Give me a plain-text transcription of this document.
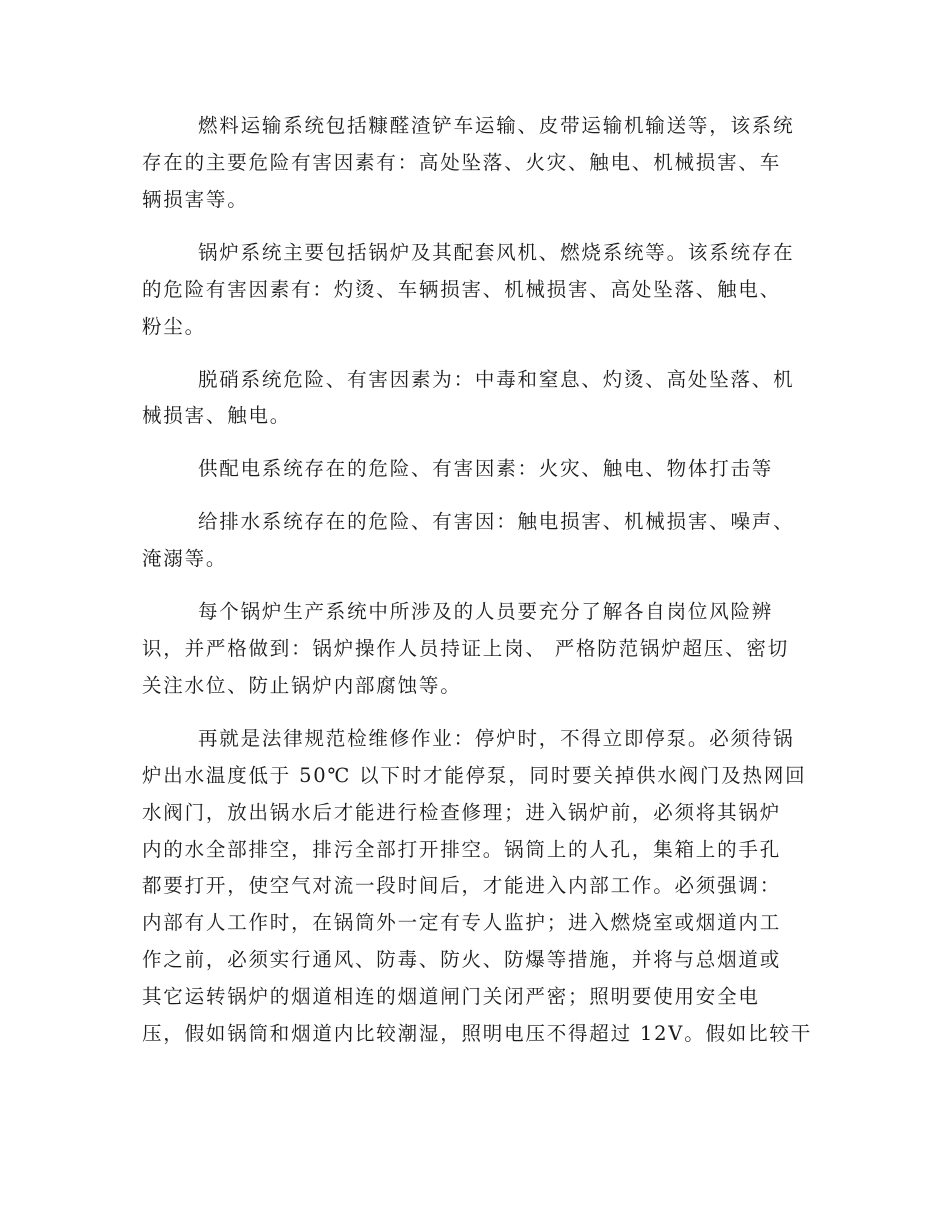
燃料运输系统包括糠醛渣铲车运输、皮带运输机输送等，该系统
存在的主要危险有害因素有：高处坠落、火灾、触电、机械损害、车
辆损害等。
锅炉系统主要包括锅炉及其配套风机、燃烧系统等。该系统存在
的危险有害因素有：灼烫、车辆损害、机械损害、高处坠落、触电、
粉尘。
脱硝系统危险、有害因素为：中毒和窒息、灼烫、高处坠落、机
械损害、触电。
供配电系统存在的危险、有害因素：火灾、触电、物体打击等
给排水系统存在的危险、有害因：触电损害、机械损害、噪声、
淹溺等。
每个锅炉生产系统中所涉及的人员要充分了解各自岗位风险辨
识，并严格做到：锅炉操作人员持证上岗、 严格防范锅炉超压、密切
关注水位、防止锅炉内部腐蚀等。
再就是法律规范检维修作业：停炉时，不得立即停泵。必须待锅
炉出水温度低于 50℃ 以下时才能停泵，同时要关掉供水阀门及热网回
水阀门，放出锅水后才能进行检查修理；进入锅炉前，必须将其锅炉
内的水全部排空，排污全部打开排空。锅筒上的人孔，集箱上的手孔
都要打开，使空气对流一段时间后，才能进入内部工作。必须强调：
内部有人工作时，在锅筒外一定有专人监护；进入燃烧室或烟道内工
作之前，必须实行通风、防毒、防火、防爆等措施，并将与总烟道或
其它运转锅炉的烟道相连的烟道闸门关闭严密；照明要使用安全电
压，假如锅筒和烟道内比较潮湿，照明电压不得超过 12V。假如比较干
